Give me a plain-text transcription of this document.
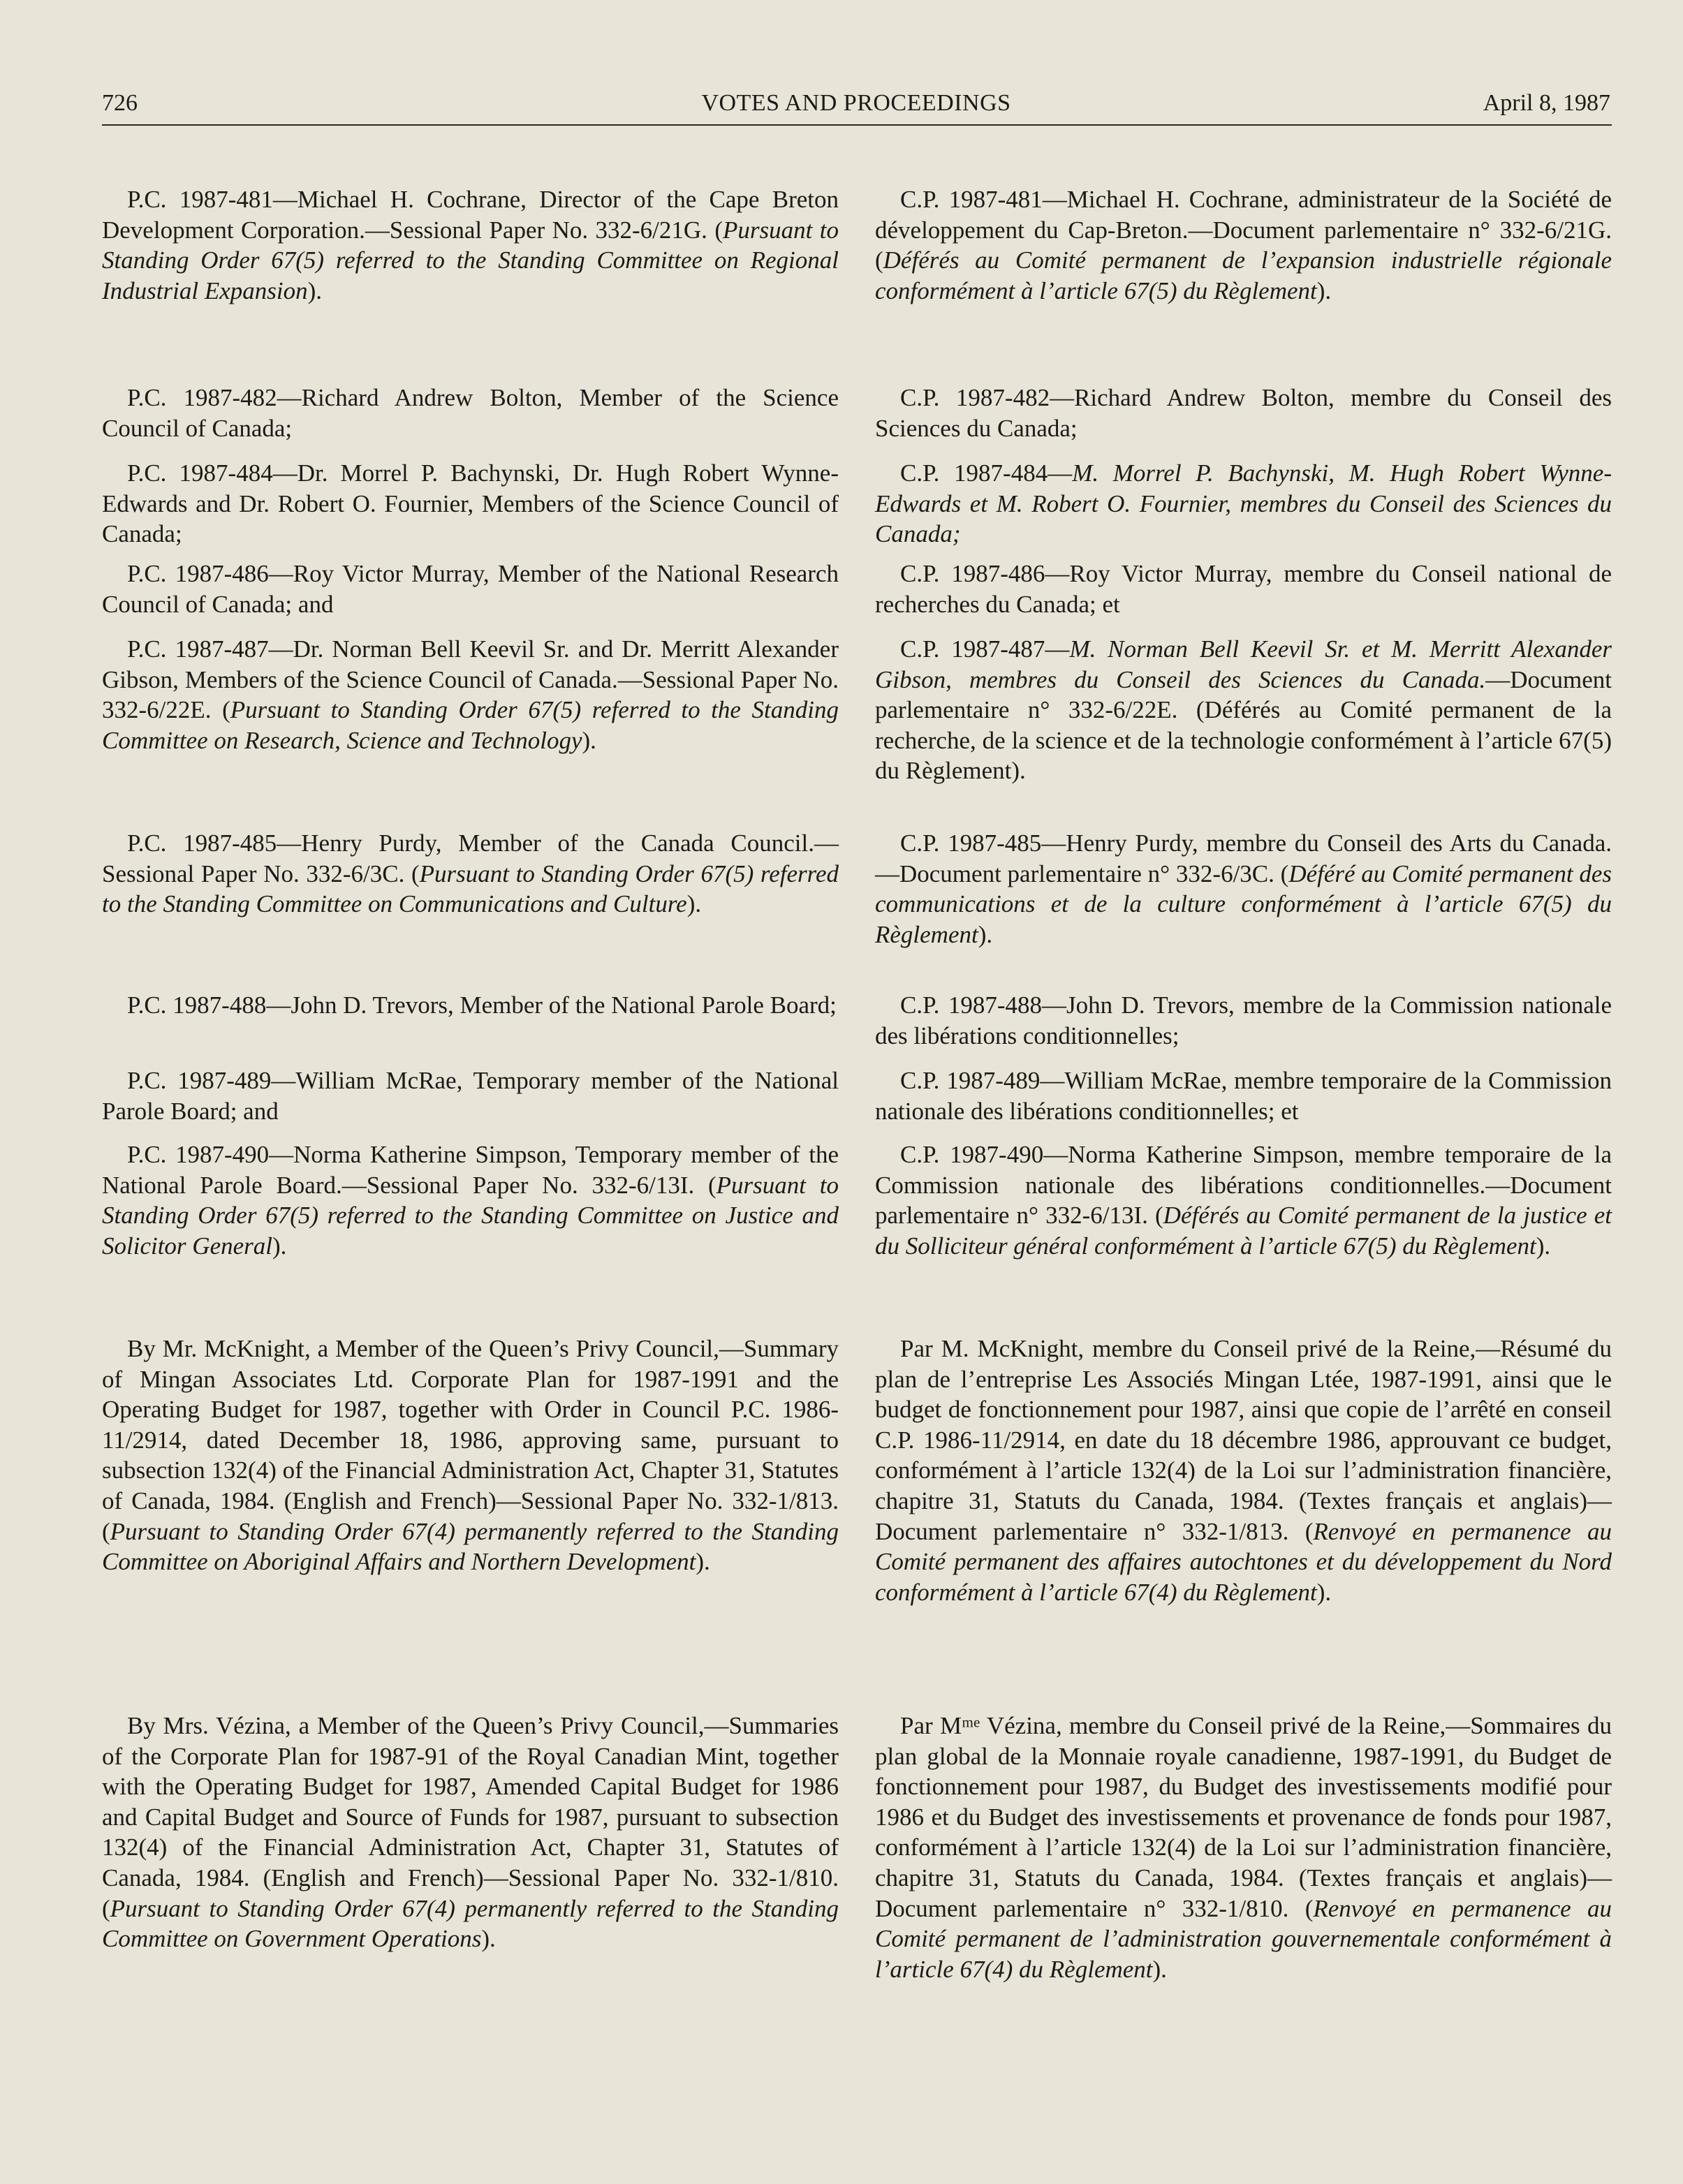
726	VOTES AND PROCEEDINGS	April 8, 1987

P.C. 1987-481—Michael H. Cochrane, Director of the Cape Breton Development Corporation.—Sessional Paper No. 332-6/21G. (Pursuant to Standing Order 67(5) referred to the Standing Committee on Regional Industrial Expansion).

P.C. 1987-482—Richard Andrew Bolton, Member of the Science Council of Canada;

P.C. 1987-484—Dr. Morrel P. Bachynski, Dr. Hugh Robert Wynne-Edwards and Dr. Robert O. Fournier, Members of the Science Council of Canada;

P.C. 1987-486—Roy Victor Murray, Member of the National Research Council of Canada; and

P.C. 1987-487—Dr. Norman Bell Keevil Sr. and Dr. Merritt Alexander Gibson, Members of the Science Council of Canada.—Sessional Paper No. 332-6/22E. (Pursuant to Standing Order 67(5) referred to the Standing Committee on Research, Science and Technology).

P.C. 1987-485—Henry Purdy, Member of the Canada Council.—Sessional Paper No. 332-6/3C. (Pursuant to Standing Order 67(5) referred to the Standing Committee on Communications and Culture).

P.C. 1987-488—John D. Trevors, Member of the National Parole Board;

P.C. 1987-489—William McRae, Temporary member of the National Parole Board; and

P.C. 1987-490—Norma Katherine Simpson, Temporary member of the National Parole Board.—Sessional Paper No. 332-6/13I. (Pursuant to Standing Order 67(5) referred to the Standing Committee on Justice and Solicitor General).

By Mr. McKnight, a Member of the Queen’s Privy Council,—Summary of Mingan Associates Ltd. Corporate Plan for 1987-1991 and the Operating Budget for 1987, together with Order in Council P.C. 1986-11/2914, dated December 18, 1986, approving same, pursuant to subsection 132(4) of the Financial Administration Act, Chapter 31, Statutes of Canada, 1984. (English and French)—Sessional Paper No. 332-1/813. (Pursuant to Standing Order 67(4) permanently referred to the Standing Committee on Aboriginal Affairs and Northern Development).

By Mrs. Vézina, a Member of the Queen’s Privy Council,—Summaries of the Corporate Plan for 1987-91 of the Royal Canadian Mint, together with the Operating Budget for 1987, Amended Capital Budget for 1986 and Capital Budget and Source of Funds for 1987, pursuant to subsection 132(4) of the Financial Administration Act, Chapter 31, Statutes of Canada, 1984. (English and French)—Sessional Paper No. 332-1/810. (Pursuant to Standing Order 67(4) permanently referred to the Standing Committee on Government Operations).

C.P. 1987-481—Michael H. Cochrane, administrateur de la Société de développement du Cap-Breton.—Document parlementaire n° 332-6/21G. (Déférés au Comité permanent de l’expansion industrielle régionale conformément à l’article 67(5) du Règlement).

C.P. 1987-482—Richard Andrew Bolton, membre du Conseil des Sciences du Canada;

C.P. 1987-484—M. Morrel P. Bachynski, M. Hugh Robert Wynne-Edwards et M. Robert O. Fournier, membres du Conseil des Sciences du Canada;

C.P. 1987-486—Roy Victor Murray, membre du Conseil national de recherches du Canada; et

C.P. 1987-487—M. Norman Bell Keevil Sr. et M. Merritt Alexander Gibson, membres du Conseil des Sciences du Canada.—Document parlementaire n° 332-6/22E. (Déférés au Comité permanent de la recherche, de la science et de la technologie conformément à l’article 67(5) du Règlement).

C.P. 1987-485—Henry Purdy, membre du Conseil des Arts du Canada.—Document parlementaire n° 332-6/3C. (Déféré au Comité permanent des communications et de la culture conformément à l’article 67(5) du Règlement).

C.P. 1987-488—John D. Trevors, membre de la Commission nationale des libérations conditionnelles;

C.P. 1987-489—William McRae, membre temporaire de la Commission nationale des libérations conditionnelles; et

C.P. 1987-490—Norma Katherine Simpson, membre temporaire de la Commission nationale des libérations conditionnelles.—Document parlementaire n° 332-6/13I. (Déférés au Comité permanent de la justice et du Solliciteur général conformément à l’article 67(5) du Règlement).

Par M. McKnight, membre du Conseil privé de la Reine,—Résumé du plan de l’entreprise Les Associés Mingan Ltée, 1987-1991, ainsi que le budget de fonctionnement pour 1987, ainsi que copie de l’arrêté en conseil C.P. 1986-11/2914, en date du 18 décembre 1986, approuvant ce budget, conformément à l’article 132(4) de la Loi sur l’administration financière, chapitre 31, Statuts du Canada, 1984. (Textes français et anglais)—Document parlementaire n° 332-1/813. (Renvoyé en permanence au Comité permanent des affaires autochtones et du développement du Nord conformément à l’article 67(4) du Règlement).

Par Mᵐᵉ Vézina, membre du Conseil privé de la Reine,—Sommaires du plan global de la Monnaie royale canadienne, 1987-1991, du Budget de fonctionnement pour 1987, du Budget des investissements modifié pour 1986 et du Budget des investissements et provenance de fonds pour 1987, conformément à l’article 132(4) de la Loi sur l’administration financière, chapitre 31, Statuts du Canada, 1984. (Textes français et anglais)—Document parlementaire n° 332-1/810. (Renvoyé en permanence au Comité permanent de l’administration gouvernementale conformément à l’article 67(4) du Règlement).
